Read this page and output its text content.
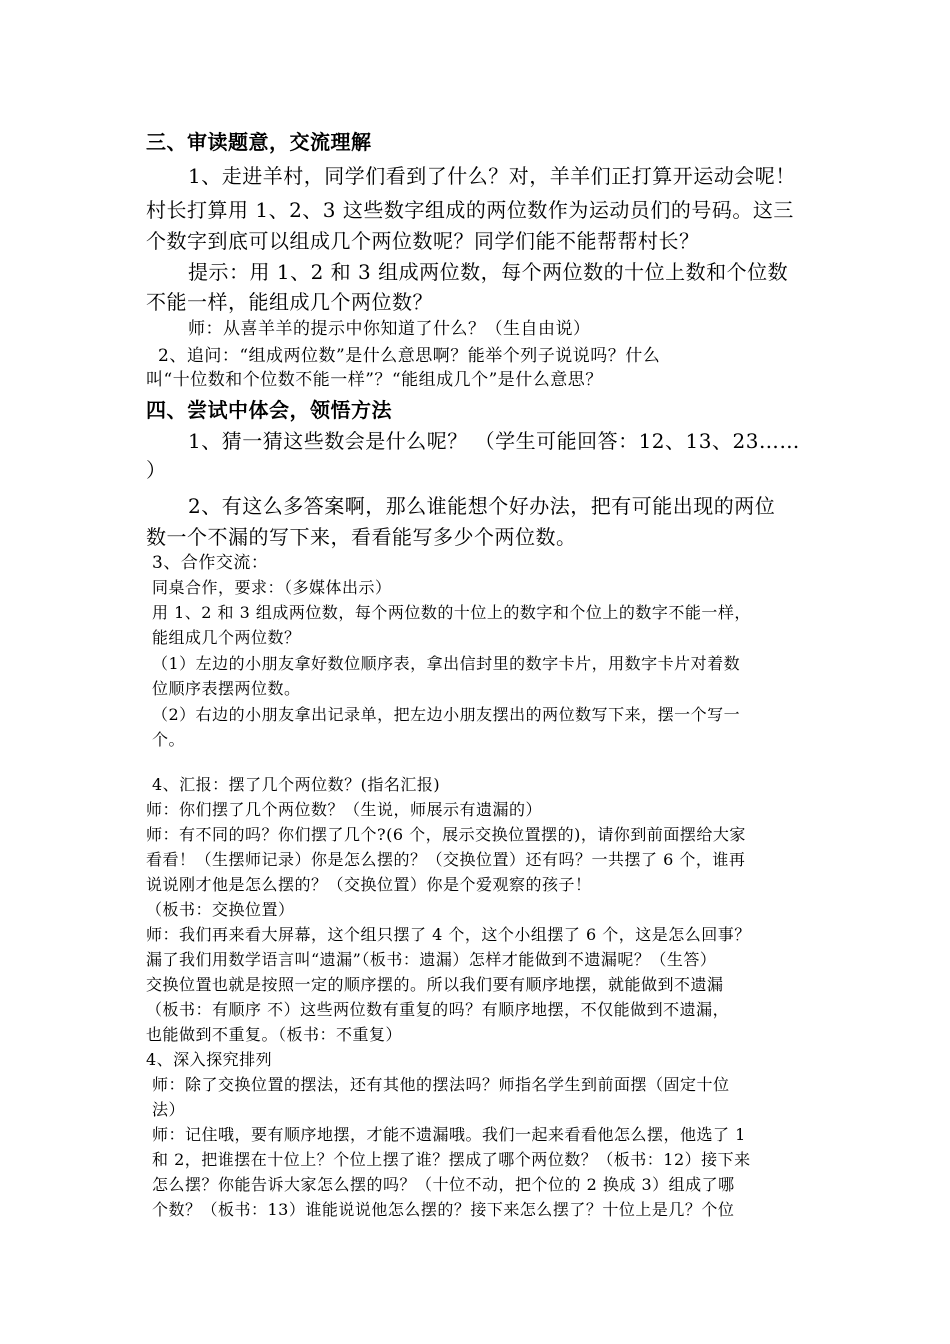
三、审读题意，交流理解

1、走进羊村，同学们看到了什么？对，羊羊们正打算开运动会呢！

村长打算用 1、2、3 这些数字组成的两位数作为运动员们的号码。这三

个数字到底可以组成几个两位数呢？同学们能不能帮帮村长？

提示：用 1、2 和 3 组成两位数，每个两位数的十位上数和个位数

不能一样，能组成几个两位数？

师：从喜羊羊的提示中你知道了什么？（生自由说）

2、追问：“组成两位数”是什么意思啊？能举个列子说说吗？什么

叫“十位数和个位数不能一样”？“能组成几个”是什么意思？

四、尝试中体会，领悟方法

1、猜一猜这些数会是什么呢？ （学生可能回答：12、13、23……

）

2、有这么多答案啊，那么谁能想个好办法，把有可能出现的两位

数一个不漏的写下来，看看能写多少个两位数。

3、合作交流：

同桌合作，要求：（多媒体出示）

用 1、2 和 3 组成两位数，每个两位数的十位上的数字和个位上的数字不能一样，

能组成几个两位数？

（1）左边的小朋友拿好数位顺序表，拿出信封里的数字卡片，用数字卡片对着数

位顺序表摆两位数。

（2）右边的小朋友拿出记录单，把左边小朋友摆出的两位数写下来，摆一个写一

个。

4、汇报：摆了几个两位数？(指名汇报)

师：你们摆了几个两位数？（生说，师展示有遗漏的）

师：有不同的吗？你们摆了几个?(6 个，展示交换位置摆的)，请你到前面摆给大家

看看！（生摆师记录）你是怎么摆的？（交换位置）还有吗？一共摆了 6 个，谁再

说说刚才他是怎么摆的？（交换位置）你是个爱观察的孩子！

（板书：交换位置）

师：我们再来看大屏幕，这个组只摆了 4 个，这个小组摆了 6 个，这是怎么回事？

漏了我们用数学语言叫“遗漏”（板书：遗漏）怎样才能做到不遗漏呢？（生答）

交换位置也就是按照一定的顺序摆的。所以我们要有顺序地摆，就能做到不遗漏

（板书：有顺序 不）这些两位数有重复的吗？有顺序地摆，不仅能做到不遗漏，

也能做到不重复。（板书：不重复）

4、深入探究排列

师：除了交换位置的摆法，还有其他的摆法吗？师指名学生到前面摆（固定十位

法）

师：记住哦，要有顺序地摆，才能不遗漏哦。我们一起来看看他怎么摆，他选了 1

和 2，把谁摆在十位上？个位上摆了谁？摆成了哪个两位数？（板书：12）接下来

怎么摆？你能告诉大家怎么摆的吗？（十位不动，把个位的 2 换成 3）组成了哪

个数？（板书：13）谁能说说他怎么摆的？接下来怎么摆了？十位上是几？个位
